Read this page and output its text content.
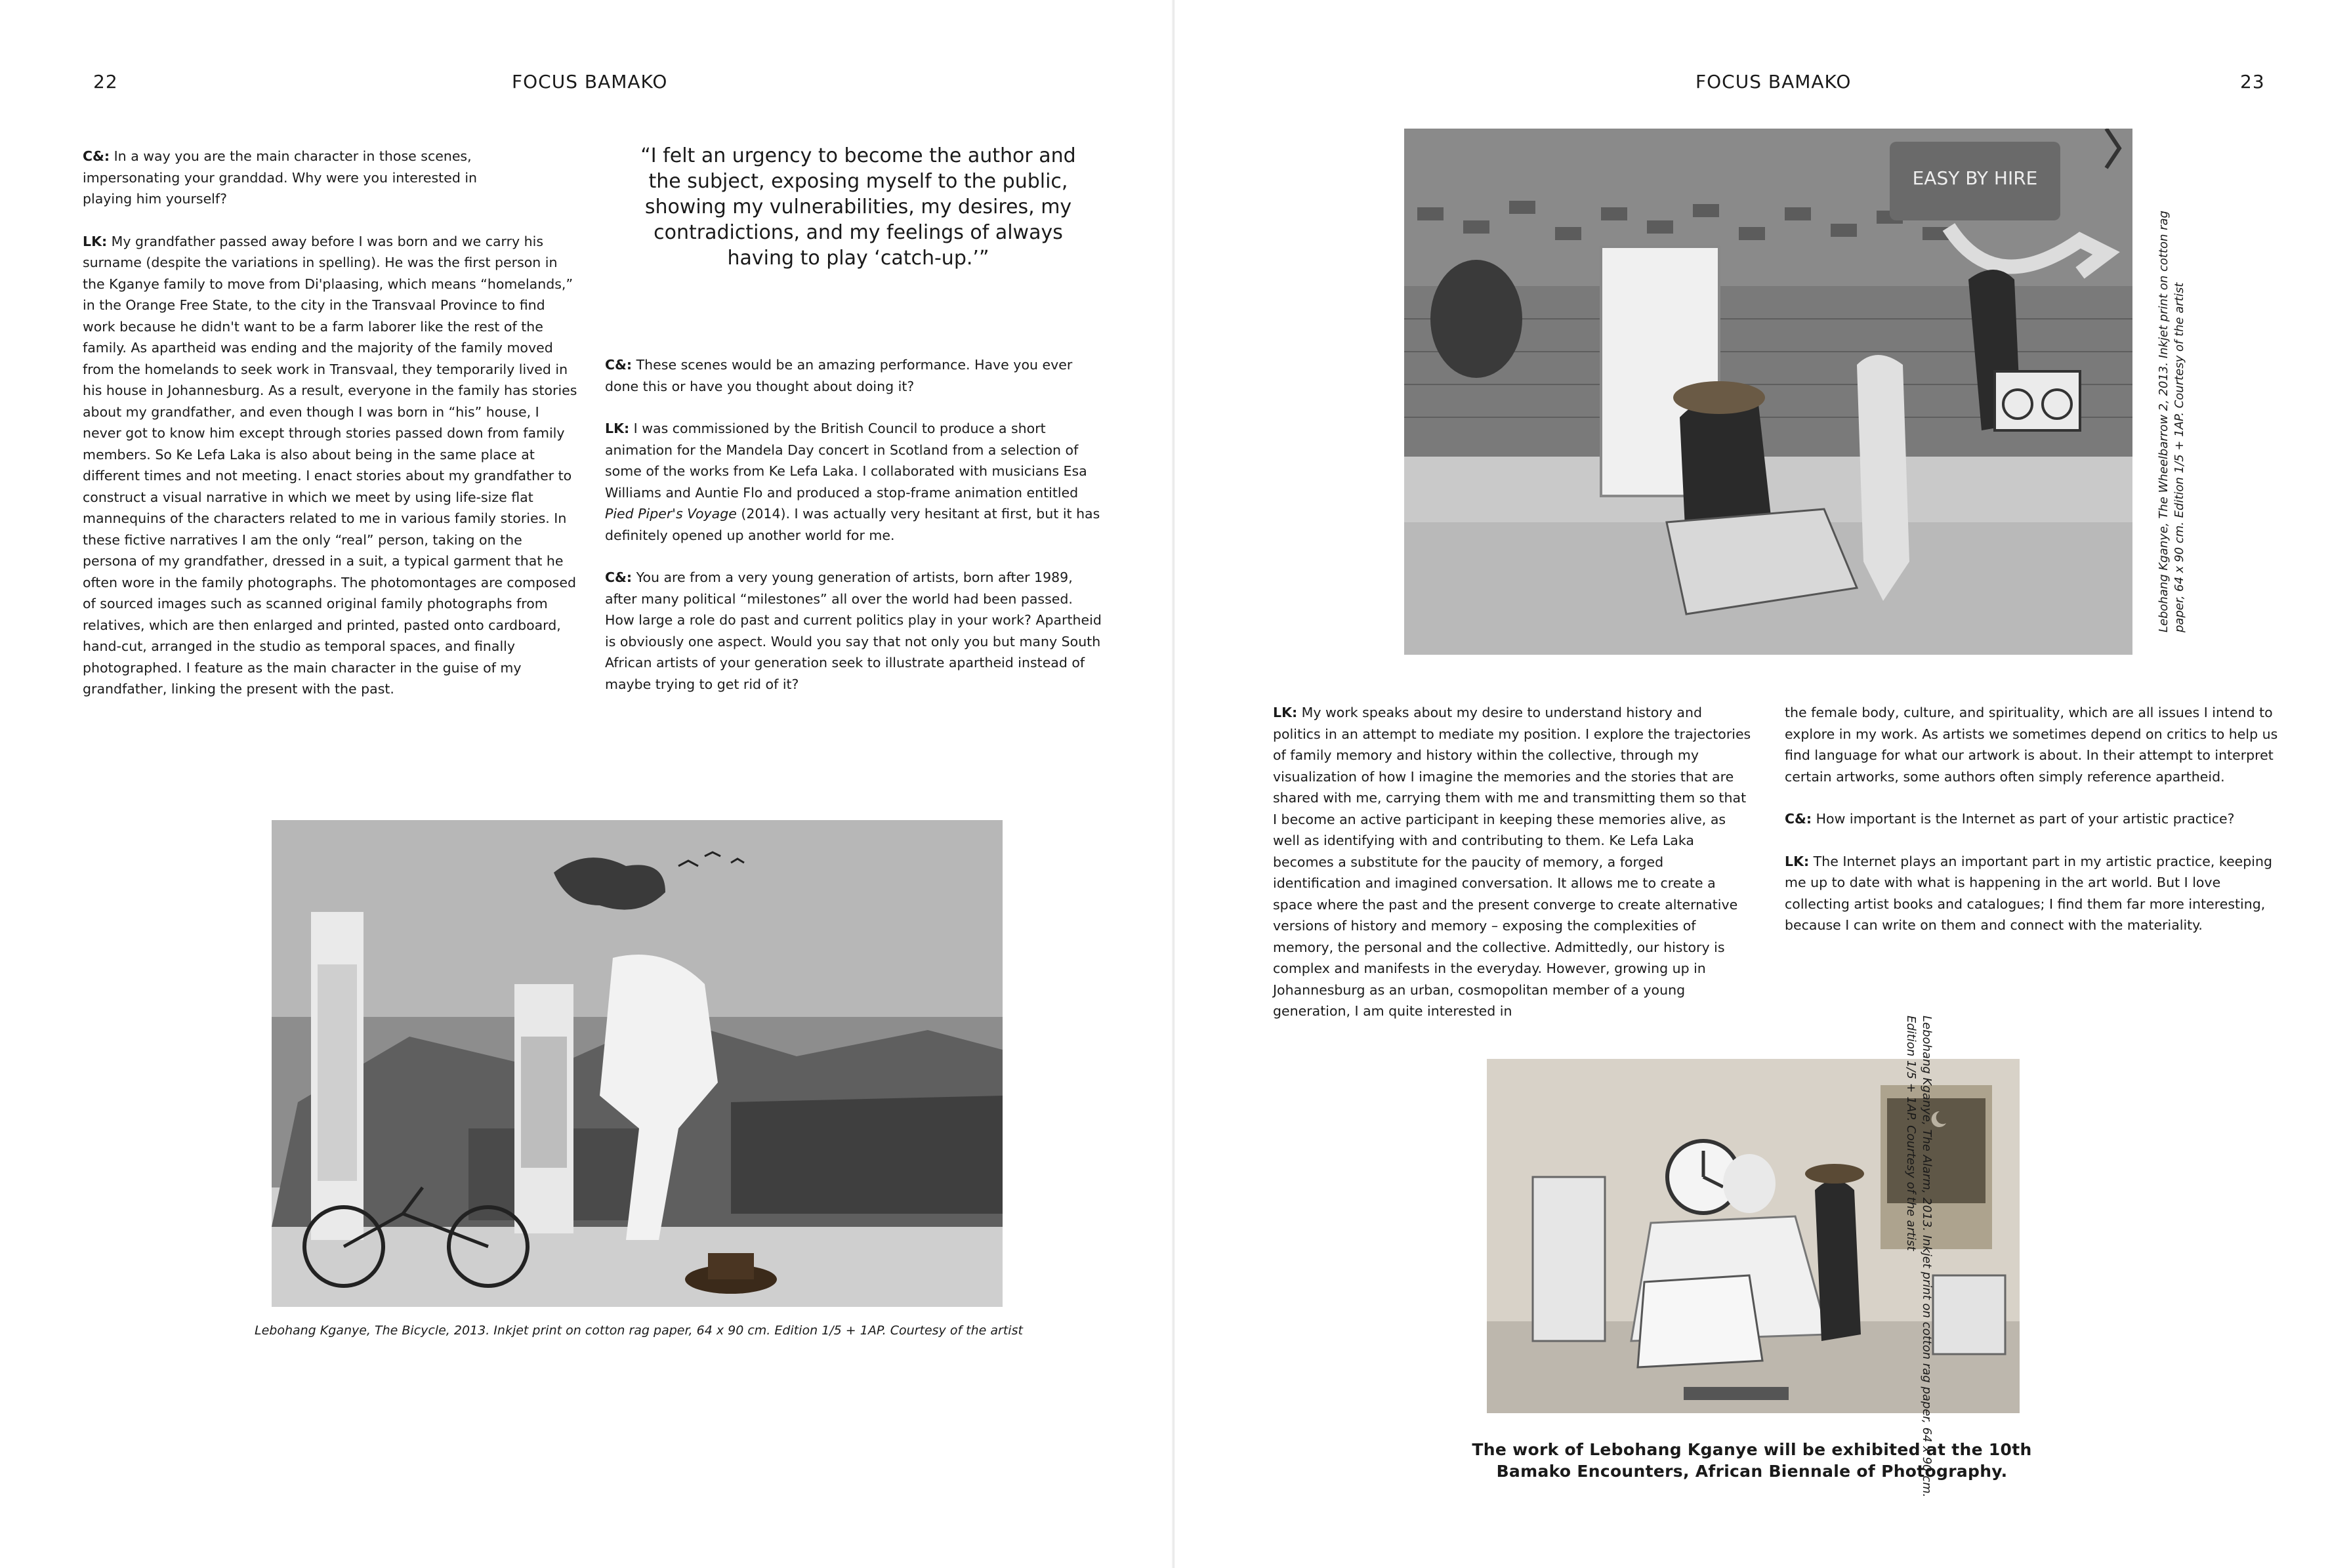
22	FOCUS BAMAKO

C&: In a way you are the main character in those scenes, impersonating your granddad. Why were you interested in playing him yourself?

LK: My grandfather passed away before I was born and we carry his surname (despite the variations in spelling). He was the first person in the Kganye family to move from Di'plaasing, which means “homelands,” in the Orange Free State, to the city in the Transvaal Province to find work because he didn't want to be a farm laborer like the rest of the family. As apartheid was ending and the majority of the family moved from the homelands to seek work in Transvaal, they temporarily lived in his house in Johannesburg. As a result, everyone in the family has stories about my grandfather, and even though I was born in “his” house, I never got to know him except through stories passed down from family members. So Ke Lefa Laka is also about being in the same place at different times and not meeting. I enact stories about my grandfather to construct a visual narrative in which we meet by using life-size flat mannequins of the characters related to me in various family stories. In these fictive narratives I am the only “real” person, taking on the persona of my grandfather, dressed in a suit, a typical garment that he often wore in the family photographs. The photomontages are composed of sourced images such as scanned original family photographs from relatives, which are then enlarged and printed, pasted onto cardboard, hand-cut, arranged in the studio as temporal spaces, and finally photographed. I feature as the main character in the guise of my grandfather, linking the present with the past.

“I felt an urgency to become the author and the subject, exposing myself to the public, showing my vulnerabilities, my desires, my contradictions, and my feelings of always having to play ‘catch-up.’”

C&: These scenes would be an amazing performance. Have you ever done this or have you thought about doing it?

LK: I was commissioned by the British Council to produce a short animation for the Mandela Day concert in Scotland from a selection of some of the works from Ke Lefa Laka. I collaborated with musicians Esa Williams and Auntie Flo and produced a stop-frame animation entitled Pied Piper's Voyage (2014). I was actually very hesitant at first, but it has definitely opened up another world for me.

C&: You are from a very young generation of artists, born after 1989, after many political “milestones” all over the world had been passed. How large a role do past and current politics play in your work? Apartheid is obviously one aspect. Would you say that not only you but many South African artists of your generation seek to illustrate apartheid instead of maybe trying to get rid of it?

Lebohang Kganye, The Bicycle, 2013. Inkjet print on cotton rag paper, 64 x 90 cm. Edition 1/5 + 1AP. Courtesy of the artist
FOCUS BAMAKO	23
EASY BY HIRE
Lebohang Kganye, The Wheelbarrow 2, 2013. Inkjet print on cotton rag paper, 64 x 90 cm. Edition 1/5 + 1AP. Courtesy of the artist

LK: My work speaks about my desire to understand history and politics in an attempt to mediate my position. I explore the trajectories of family memory and history within the collective, through my visualization of how I imagine the memories and the stories that are shared with me, carrying them with me and transmitting them so that I become an active participant in keeping these memories alive, as well as identifying with and contributing to them. Ke Lefa Laka becomes a substitute for the paucity of memory, a forged identification and imagined conversation. It allows me to create a space where the past and the present converge to create alternative versions of history and memory – exposing the complexities of memory, the personal and the collective. Admittedly, our history is complex and manifests in the everyday. However, growing up in Johannesburg as an urban, cosmopolitan member of a young generation, I am quite interested in

the female body, culture, and spirituality, which are all issues I intend to explore in my work. As artists we sometimes depend on critics to help us find language for what our artwork is about. In their attempt to interpret certain artworks, some authors often simply reference apartheid.

C&: How important is the Internet as part of your artistic practice?

LK: The Internet plays an important part in my artistic practice, keeping me up to date with what is happening in the art world. But I love collecting artist books and catalogues; I find them far more interesting, because I can write on them and connect with the materiality.

Lebohang Kganye, The Alarm, 2013. Inkjet print on cotton rag paper, 64 x 90 cm. Edition 1/5 + 1AP. Courtesy of the artist
The work of Lebohang Kganye will be exhibited at the 10th Bamako Encounters, African Biennale of Photography.
